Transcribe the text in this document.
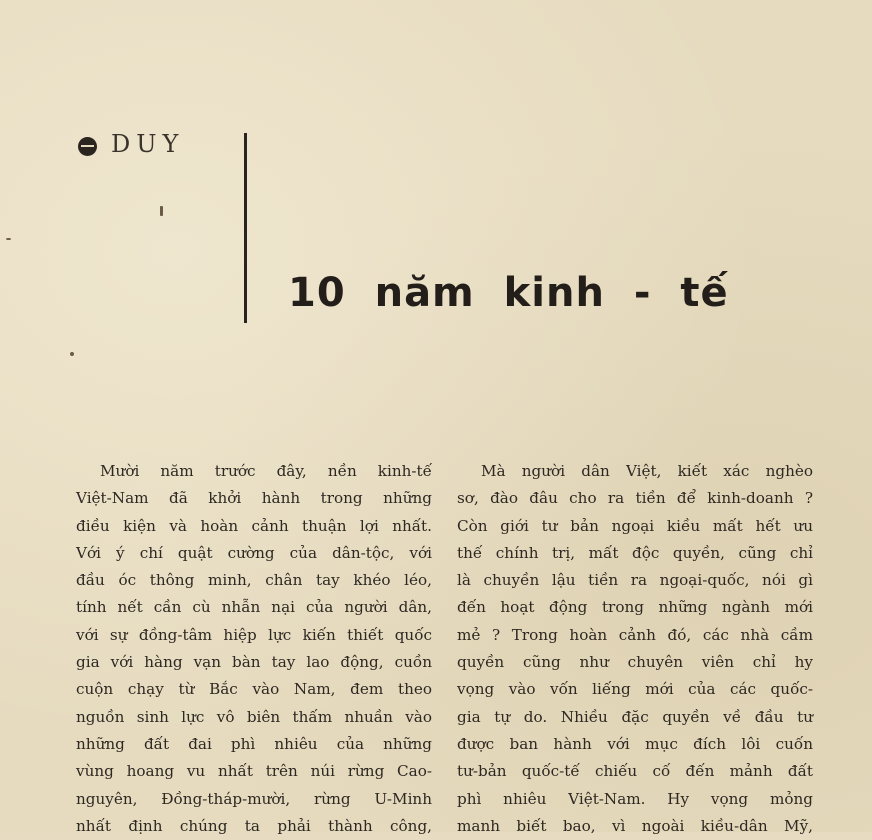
DUY
10 năm kinh - tế
Mười năm trước đây, nền kinh-tế
Việt-Nam đã khởi hành trong những
điều kiện và hoàn cảnh thuận lợi nhất.
Với ý chí quật cường của dân-tộc, với
đầu óc thông minh, chân tay khéo léo,
tính nết cần cù nhẫn nại của người dân,
với sự đồng-tâm hiệp lực kiến thiết quốc
gia với hàng vạn bàn tay lao động, cuồn
cuộn chạy từ Bắc vào Nam, đem theo
nguồn sinh lực vô biên thấm nhuần vào
những đất đai phì nhiêu của những
vùng hoang vu nhất trên núi rừng Cao-
nguyên, Đồng-tháp-mười, rừng U-Minh
nhất định chúng ta phải thành công,
Mà người dân Việt, kiết xác nghèo
sơ, đào đâu cho ra tiền để kinh-doanh ?
Còn giới tư bản ngoại kiều mất hết ưu
thế chính trị, mất độc quyền, cũng chỉ
là chuyền lậu tiền ra ngoại-quốc, nói gì
đến hoạt động trong những ngành mới
mẻ ? Trong hoàn cảnh đó, các nhà cầm
quyền cũng như chuyên viên chỉ hy
vọng vào vốn liếng mới của các quốc-
gia tự do. Nhiều đặc quyền về đầu tư
được ban hành với mục đích lôi cuốn
tư-bản quốc-tế chiếu cố đến mảnh đất
phì nhiêu Việt-Nam. Hy vọng mỏng
manh biết bao, vì ngoài kiều-dân Mỹ,
